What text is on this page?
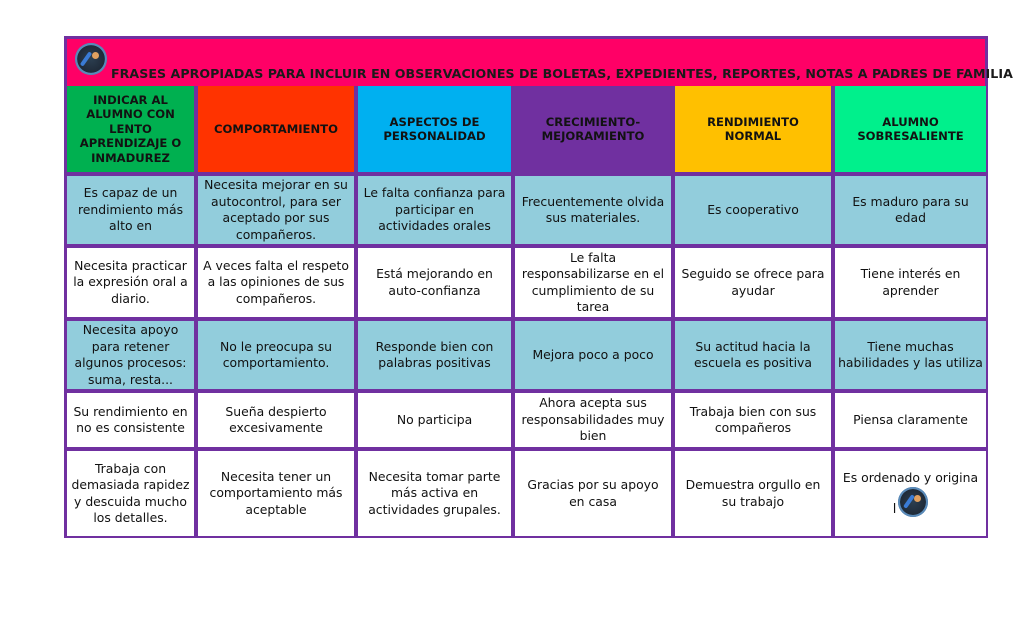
FRASES APROPIADAS PARA INCLUIR EN OBSERVACIONES DE BOLETAS, EXPEDIENTES, REPORTES, NOTAS A PADRES DE FAMILIA
INDICAR AL ALUMNO CON LENTO APRENDIZAJE O INMADUREZ
COMPORTAMIENTO
ASPECTOS DE PERSONALIDAD
CRECIMIENTO-MEJORAMIENTO
RENDIMIENTO NORMAL
ALUMNO SOBRESALIENTE
Es capaz de un rendimiento más alto en
Necesita mejorar en su autocontrol, para ser aceptado por sus compañeros.
Le falta confianza para participar en actividades orales
Frecuentemente olvida sus materiales.
Es cooperativo
Es maduro para su edad
Necesita practicar la expresión oral a diario.
A veces falta el respeto a las opiniones de sus compañeros.
Está mejorando en auto-confianza
Le falta responsabilizarse en el cumplimiento de su tarea
Seguido se ofrece para ayudar
Tiene interés en aprender
Necesita apoyo para retener algunos procesos: suma, resta...
No le preocupa su comportamiento.
Responde bien con palabras positivas
Mejora poco a poco
Su actitud hacia la escuela es positiva
Tiene muchas habilidades y las utiliza
Su rendimiento en no es consistente
Sueña despierto excesivamente
No participa
Ahora acepta sus responsabilidades muy bien
Trabaja bien con sus compañeros
Piensa claramente
Trabaja con demasiada rapidez y descuida mucho los detalles.
Necesita tener un comportamiento más aceptable
Necesita tomar parte más activa en actividades grupales.
Gracias por su apoyo en casa
Demuestra orgullo en su trabajo
Es ordenado y origina
l
